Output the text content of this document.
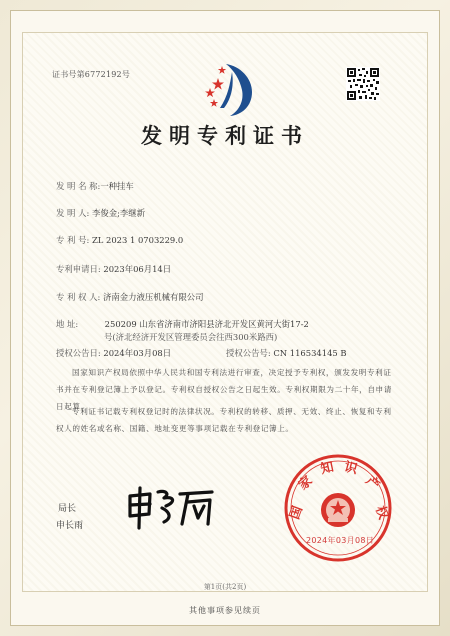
证书号第6772192号
发明专利证书
发 明 名 称:一种挂车
发 明 人: 李俊金;李继新
专 利 号: ZL 2023 1 0703229.0
专利申请日: 2023年06月14日
专 利 权 人: 济南金力液压机械有限公司
地 址:	250209 山东省济南市济阳县济北开发区黄河大街17-2
号(济北经济开发区管理委员会往西300米路西)
授权公告日: 2024年03月08日	授权公告号: CN 116534145 B
国家知识产权局依照中华人民共和国专利法进行审查，决定授予专利权，颁发发明专利证书并在专利登记簿上予以登记。专利权自授权公告之日起生效。专利权期限为二十年，自申请日起算。
专利证书记载专利权登记时的法律状况。专利权的转移、质押、无效、终止、恢复和专利权人的姓名或名称、国籍、地址变更等事项记载在专利登记簿上。
局长
申长雨
国
家
知 识
产
权
2024年03月08日
第1页(共2页)
其他事项参见续页
